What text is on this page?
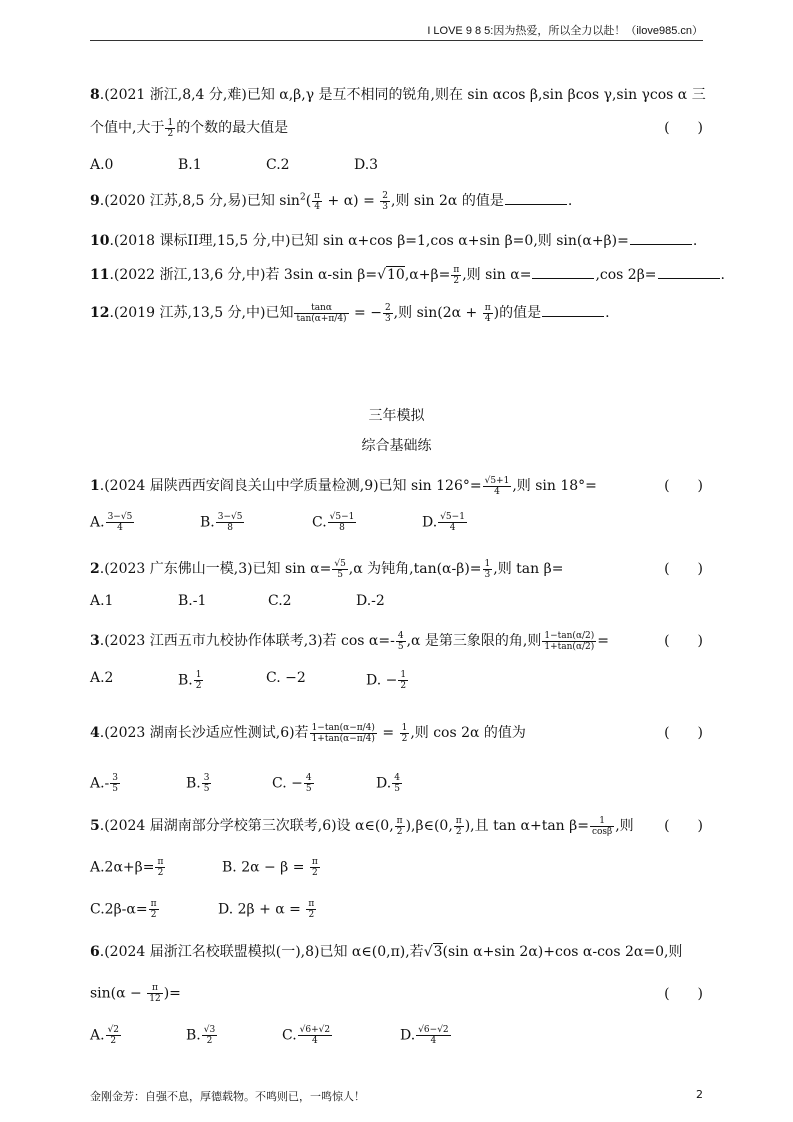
I LOVE 9 8 5:因为热爱，所以全力以赴！（ilove985.cn）
8.(2021 浙江,8,4 分,难)已知 α,β,γ 是互不相同的锐角,则在 sin αcos β,sin βcos γ,sin γcos α 三
个值中,大于 $\frac{1}{2}$ 的个数的最大值是	(　　)
A.0	B.1	C.2	D.3
9.(2020 江苏,8,5 分,易)已知 $\sin^2( \frac{\pi}{4} + \alpha) = \frac{2}{3}$ ,则 sin 2α 的值是	.
10.(2018 课标II理,15,5 分,中)已知 sin α+cos β=1,cos α+sin β=0,则 sin(α+β)=	.
11.(2022 浙江,13,6 分,中)若 3sin α-sin $\beta=√10,\alpha+\beta= \frac{\pi}{2}$ ,则 sin α=	,cos 2β=	.
12.(2019 江苏,13,5 分,中)已知 $\frac{\tan\alpha}{\tan(\alpha+\pi/4)}$ = − $\frac{2}{3}$ ,则 $\sin(2\alpha + \frac{\pi}{4}$ )的值是	.
三年模拟
综合基础练
1.(2024 届陕西西安阎良关山中学质量检测,9)已知 $\sin 126^\circ= \frac{√5+1}{4}$ ,则 sin 18°=	(　　)
A. $\frac{3-√5}{4}$	B. $\frac{3-√5}{8}$	C. $\frac{√5-1}{8}$	D. $\frac{√5-1}{4}$
2.(2023 广东佛山一模,3)已知 $\sin \alpha= \frac{√5}{5} ,\alpha$ 为钝角$,\tan(\alpha-\beta)= \frac{1}{3}$ ,则 tan β=	(　　)
A.1	B.-1	C.2	D.-2
3.(2023 江西五市九校协作体联考,3)若 $\cos \alpha=- \frac{4}{5} ,\alpha$ 是第三象限的角,则 $\frac{1-\tan(\alpha/2)}{1+\tan(\alpha/2)}$ =	(　　)
A.2	B. $\frac{1}{2}$	C. −2	D. − $\frac{1}{2}$
4.(2023 湖南长沙适应性测试,6)若 $\frac{1-\tan(\alpha-\pi/4)}{1+\tan(\alpha-\pi/4)} = \frac{1}{2}$ ,则 cos 2α 的值为	(　　)
$A.- \frac{3}{5}$	B. $\frac{3}{5}$	C. − $\frac{4}{5}$	D. $\frac{4}{5}$
5.(2024 届湖南部分学校第三次联考,6)设 α∈(0, $\frac{\pi}{2}$ ),β∈(0, $\frac{\pi}{2}$ ),且 tan α+tan $\beta= \frac{1}{\cos\beta}$ ,则 (　　)
$A.2\alpha+\beta= \frac{\pi}{2}$	B. $2\alpha - \beta = \frac{\pi}{2}$
$C.2\beta-\alpha= \frac{\pi}{2}$	D. $2\beta + \alpha = \frac{\pi}{2}$
6.(2024 届浙江名校联盟模拟(一),8)已知 α∈(0,π),若√3(sin α+sin 2α)+cos α-cos 2α=0,则
$\sin(\alpha - \frac{\pi}{12}$ )=	(　　)
A. $\frac{√2}{2}$	B. $\frac{√3}{2}$	C. $\frac{√6+√2}{4}$	D. $\frac{√6-√2}{4}$
金刚金芳：自强不息，厚德载物。不鸣则已，一鸣惊人！	2
